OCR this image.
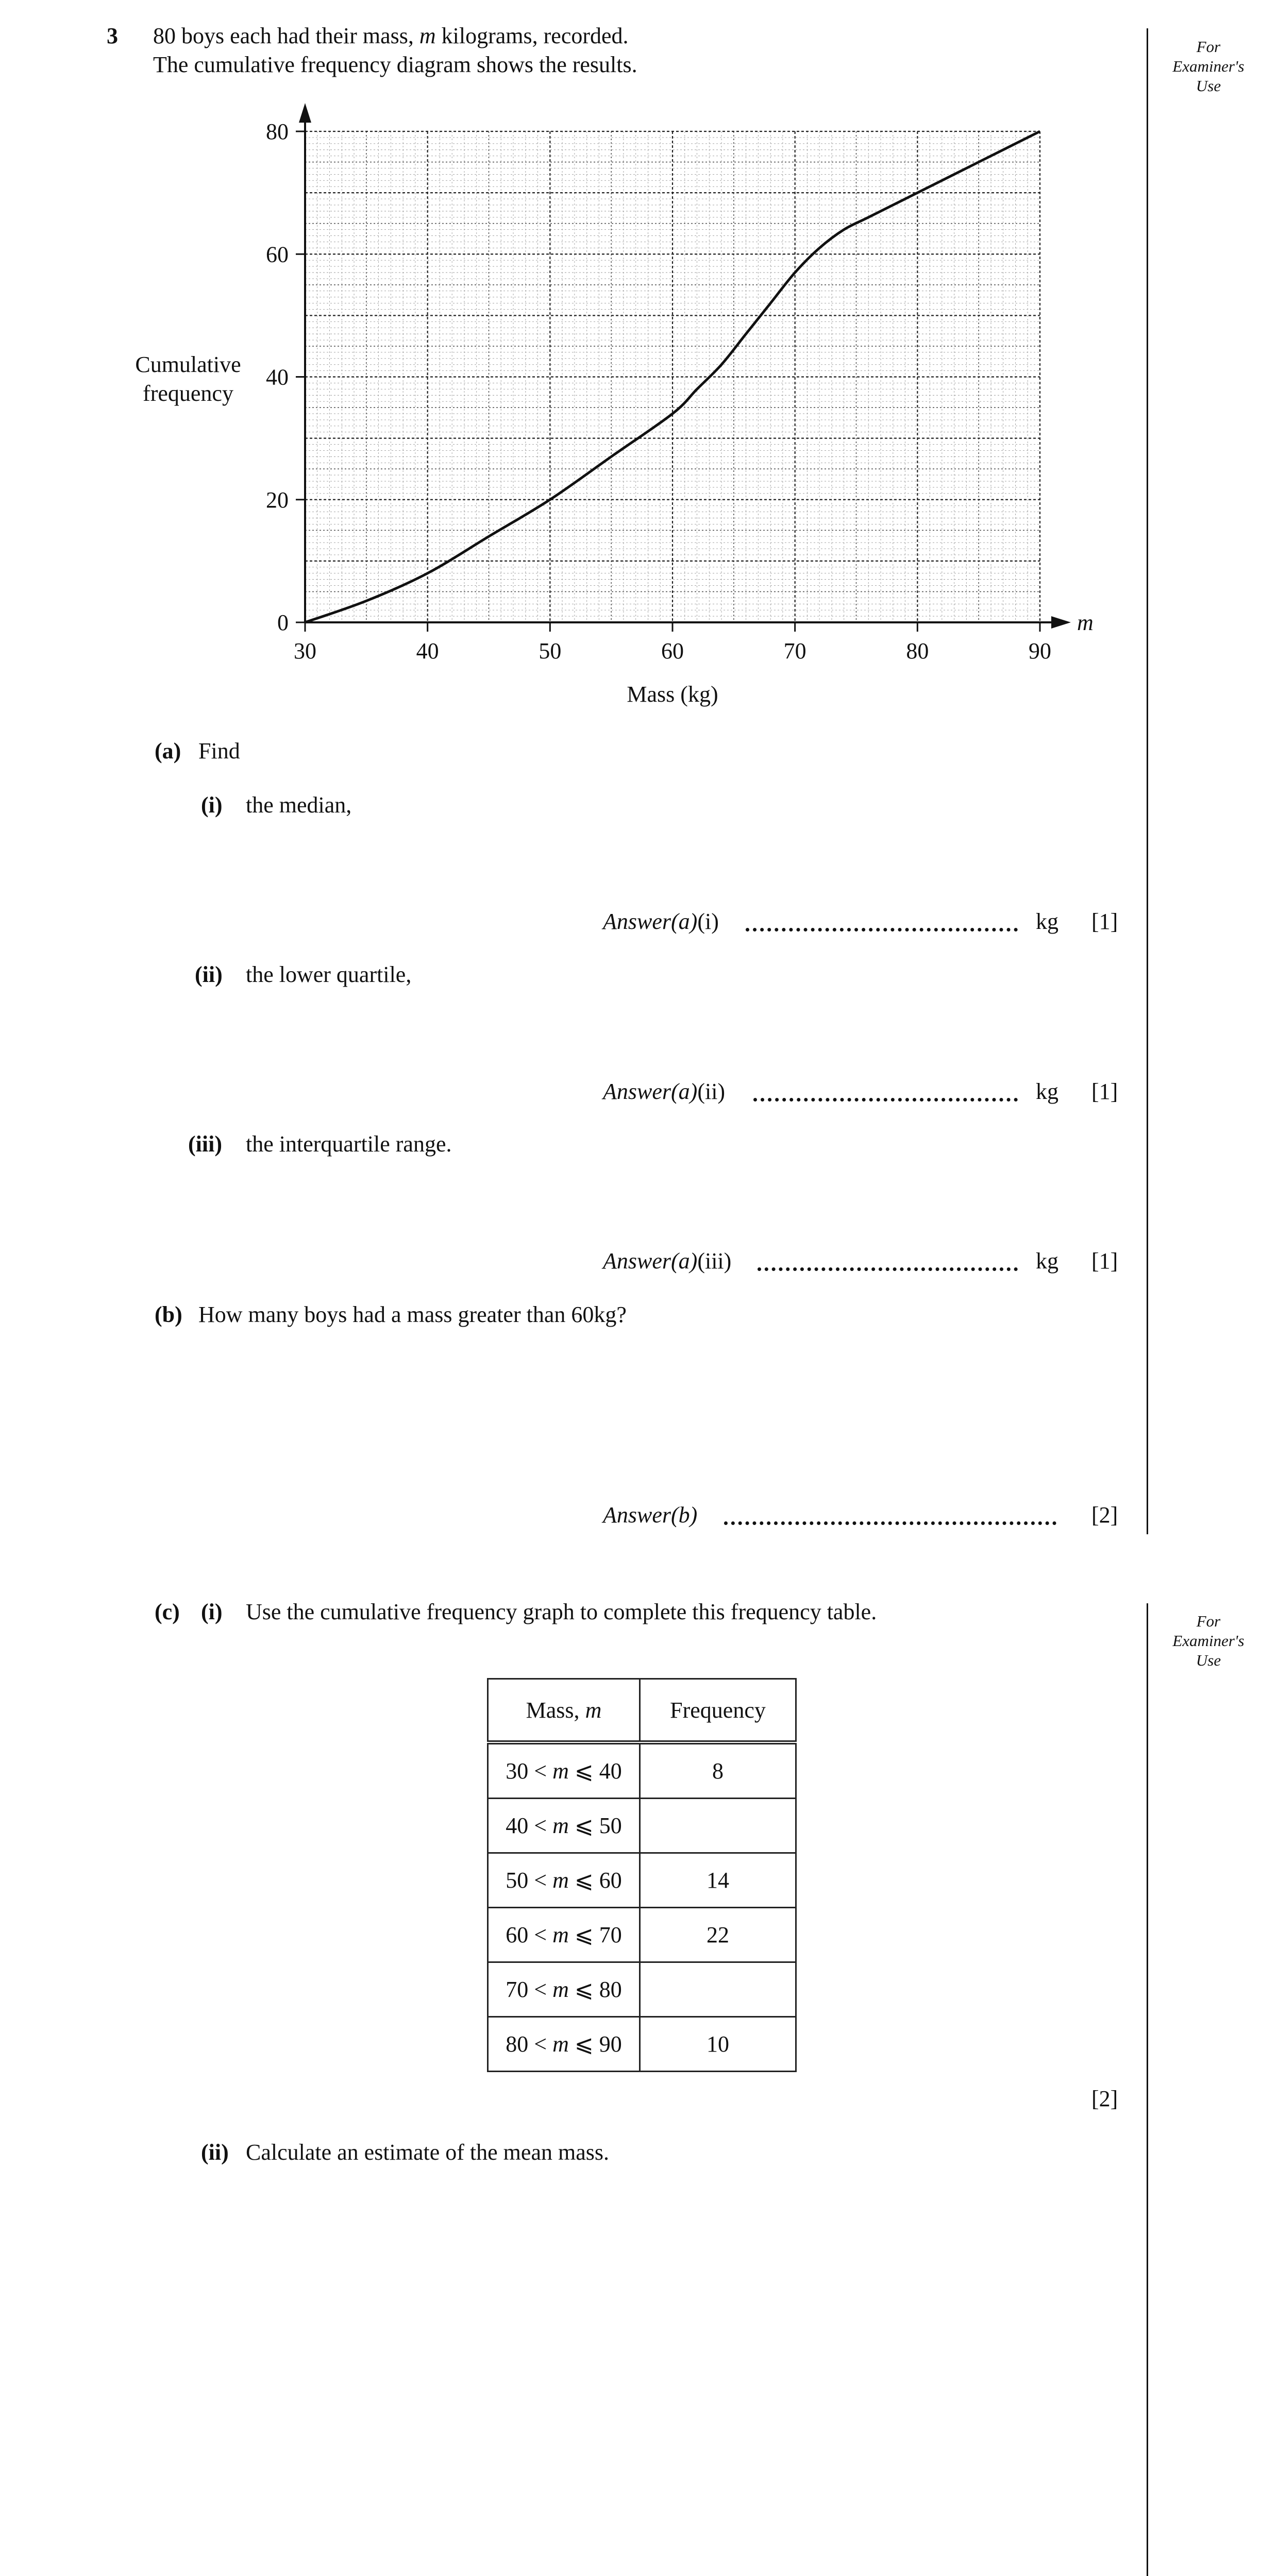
3 80 boys each had their mass, m kilograms, recorded.
The cumulative frequency diagram shows the results.
For
Examiner's
Use
For
Examiner's
Use
30	40	50	60	70	80	90
0
20
40
60
80
Mass (kg)
m
Cumulative
frequency
(a) Find
(i) the median,
Answer(a)(i)	kg [1]
(ii) the lower quartile,
Answer(a)(ii)	kg [1]
(iii) the interquartile range.
Answer(a)(iii)	kg [1]
(b) How many boys had a mass greater than 60kg?
Answer(b)	[2]
(c) (i) Use the cumulative frequency graph to complete this frequency table.
Mass, m	Frequency
30 < m ⩽ 40	8
40 < m ⩽ 50	
50 < m ⩽ 60	14
60 < m ⩽ 70	22
70 < m ⩽ 80	
80 < m ⩽ 90	10
[2]
(ii) Calculate an estimate of the mean mass.
